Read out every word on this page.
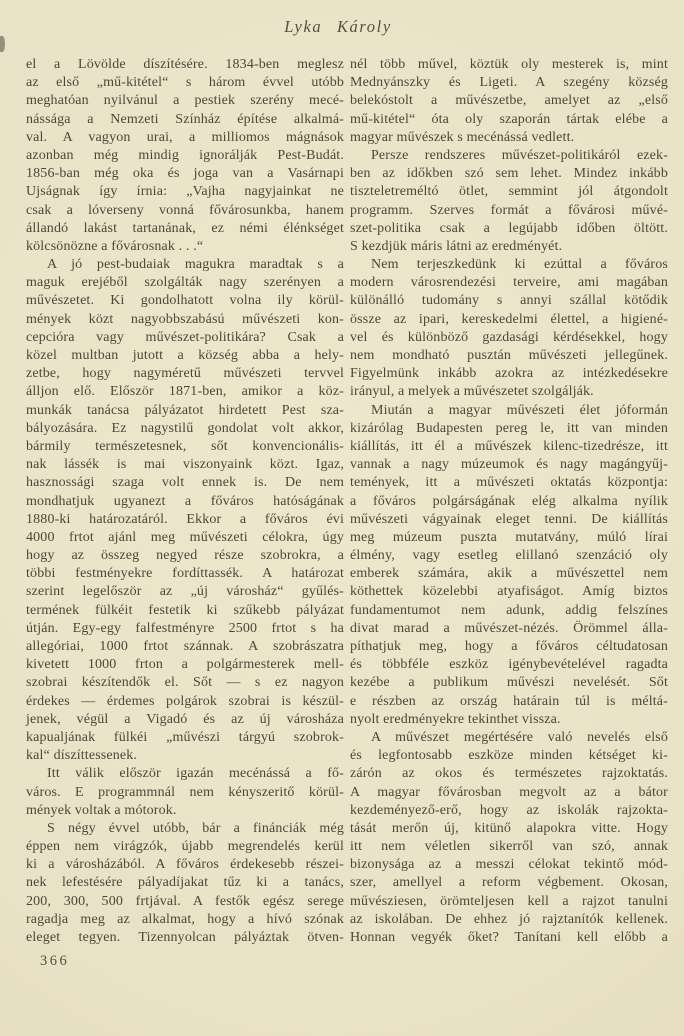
Lyka Károly
el a Lövölde díszítésére. 1834-ben meglesz
az első „mű-kitétel“ s három évvel utóbb
meghatóan nyilvánul a pestiek szerény mecé-
nássága a Nemzeti Színház építése alkalmá-
val. A vagyon urai, a milliomos mágnások
azonban még mindig ignorálják Pest-Budát.
1856-ban még oka és joga van a Vasárnapi
Ujságnak így írnia: „Vajha nagyjainkat ne
csak a lóverseny vonná fővárosunkba, hanem
állandó lakást tartanának, ez némi élénkséget
kölcsönözne a fővárosnak . . .“
A jó pest-budaiak magukra maradtak s a
maguk erejéből szolgálták nagy szerényen a
művészetet. Ki gondolhatott volna ily körül-
mények közt nagyobbszabású művészeti kon-
cepcióra vagy művészet-politikára? Csak a
közel multban jutott a község abba a hely-
zetbe, hogy nagyméretű művészeti tervvel
álljon elő. Először 1871-ben, amikor a köz-
munkák tanácsa pályázatot hirdetett Pest sza-
bályozására. Ez nagystilű gondolat volt akkor,
bármily természetesnek, sőt konvencionális-
nak lássék is mai viszonyaink közt. Igaz,
hasznossági szaga volt ennek is. De nem
mondhatjuk ugyanezt a főváros hatóságának
1880-ki határozatáról. Ekkor a főváros évi
4000 frtot ajánl meg művészeti célokra, úgy
hogy az összeg negyed része szobrokra, a
többi festményekre fordíttassék. A határozat
szerint legelőször az „új városház“ gyűlés-
termének fülkéit festetik ki szűkebb pályázat
útján. Egy-egy falfestményre 2500 frtot s ha
allegóriai, 1000 frtot szánnak. A szobrászatra
kivetett 1000 frton a polgármesterek mell-
szobrai készítendők el. Sőt — s ez nagyon
érdekes — érdemes polgárok szobrai is készül-
jenek, végül a Vigadó és az új városháza
kapualjának fülkéi „művészi tárgyú szobrok-
kal“ díszíttessenek.
Itt válik először igazán mecénássá a fő-
város. E programmnál nem kényszeritő körül-
mények voltak a mótorok.
S négy évvel utóbb, bár a finánciák még
éppen nem virágzók, újabb megrendelés kerül
ki a városházából. A főváros érdekesebb részei-
nek lefestésére pályadíjakat tűz ki a tanács,
200, 300, 500 frtjával. A festők egész serege
ragadja meg az alkalmat, hogy a hívó szónak
eleget tegyen. Tizennyolcan pályáztak ötven-
nél több művel, köztük oly mesterek is, mint
Mednyánszky és Ligeti. A szegény község
belekóstolt a művészetbe, amelyet az „első
mű-kitétel“ óta oly szaporán tártak elébe a
magyar művészek s mecénássá vedlett.
Persze rendszeres művészet-politikáról ezek-
ben az időkben szó sem lehet. Mindez inkább
tiszteletreméltó ötlet, semmint jól átgondolt
programm. Szerves formát a fővárosi művé-
szet-politika csak a legújabb időben öltött.
S kezdjük máris látni az eredményét.
Nem terjeszkedünk ki ezúttal a főváros
modern városrendezési terveire, ami magában
különálló tudomány s annyi szállal kötődik
össze az ipari, kereskedelmi élettel, a higiené-
vel és különböző gazdasági kérdésekkel, hogy
nem mondható pusztán művészeti jellegűnek.
Figyelmünk inkább azokra az intézkedésekre
irányul, a melyek a művészetet szolgálják.
Miután a magyar művészeti élet jóformán
kizárólag Budapesten pereg le, itt van minden
kiállítás, itt él a művészek kilenc-tizedrésze, itt
vannak a nagy múzeumok és nagy magángyűj-
temények, itt a művészeti oktatás központja:
a főváros polgárságának elég alkalma nyílik
művészeti vágyainak eleget tenni. De kiállítás
meg múzeum puszta mutatvány, múló lírai
élmény, vagy esetleg elillanó szenzáció oly
emberek számára, akik a művészettel nem
köthettek közelebbi atyafiságot. Amíg biztos
fundamentumot nem adunk, addig felszínes
divat marad a művészet-nézés. Örömmel álla-
píthatjuk meg, hogy a főváros céltudatosan
és többféle eszköz igénybevételével ragadta
kezébe a publikum művészi nevelését. Sőt
e részben az ország határain túl is méltá-
nyolt eredményekre tekinthet vissza.
A művészet megértésére való nevelés első
és legfontosabb eszköze minden kétséget ki-
zárón az okos és természetes rajzoktatás.
A magyar fővárosban megvolt az a bátor
kezdeményező-erő, hogy az iskolák rajzokta-
tását merőn új, kitünő alapokra vitte. Hogy
itt nem véletlen sikerről van szó, annak
bizonysága az a messzi célokat tekintő mód-
szer, amellyel a reform végbement. Okosan,
művésziesen, örömteljesen kell a rajzot tanulni
az iskolában. De ehhez jó rajztanítók kellenek.
Honnan vegyék őket? Tanítani kell előbb a
366
